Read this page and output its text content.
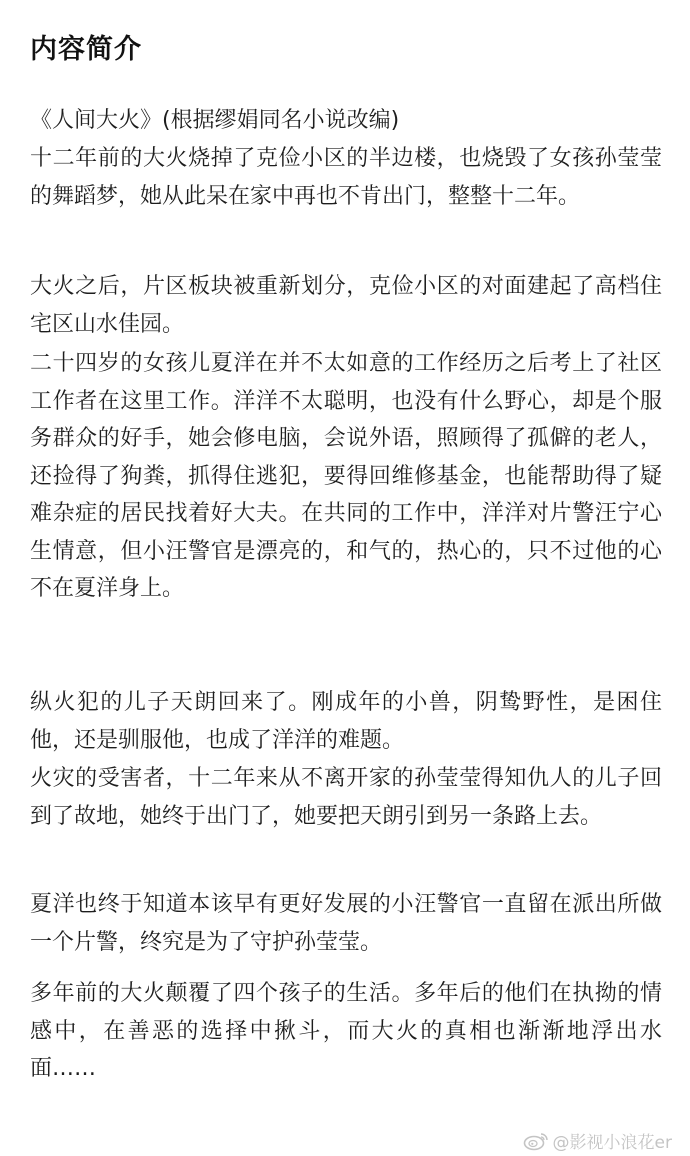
内容简介
《人间大火》(根据缪娟同名小说改编)
十二年前的大火烧掉了克俭小区的半边楼，也烧毁了女孩孙莹莹的舞蹈梦，她从此呆在家中再也不肯出门，整整十二年。
大火之后，片区板块被重新划分，克俭小区的对面建起了高档住宅区山水佳园。
二十四岁的女孩儿夏洋在并不太如意的工作经历之后考上了社区工作者在这里工作。洋洋不太聪明，也没有什么野心，却是个服务群众的好手，她会修电脑，会说外语，照顾得了孤僻的老人，还捡得了狗粪，抓得住逃犯，要得回维修基金，也能帮助得了疑难杂症的居民找着好大夫。在共同的工作中，洋洋对片警汪宁心生情意，但小汪警官是漂亮的，和气的，热心的，只不过他的心不在夏洋身上。
纵火犯的儿子天朗回来了。刚成年的小兽，阴鸷野性，是困住他，还是驯服他，也成了洋洋的难题。
火灾的受害者，十二年来从不离开家的孙莹莹得知仇人的儿子回到了故地，她终于出门了，她要把天朗引到另一条路上去。
夏洋也终于知道本该早有更好发展的小汪警官一直留在派出所做一个片警，终究是为了守护孙莹莹。
多年前的大火颠覆了四个孩子的生活。多年后的他们在执拗的情感中，在善恶的选择中揪斗，而大火的真相也渐渐地浮出水面……
@影视小浪花er
